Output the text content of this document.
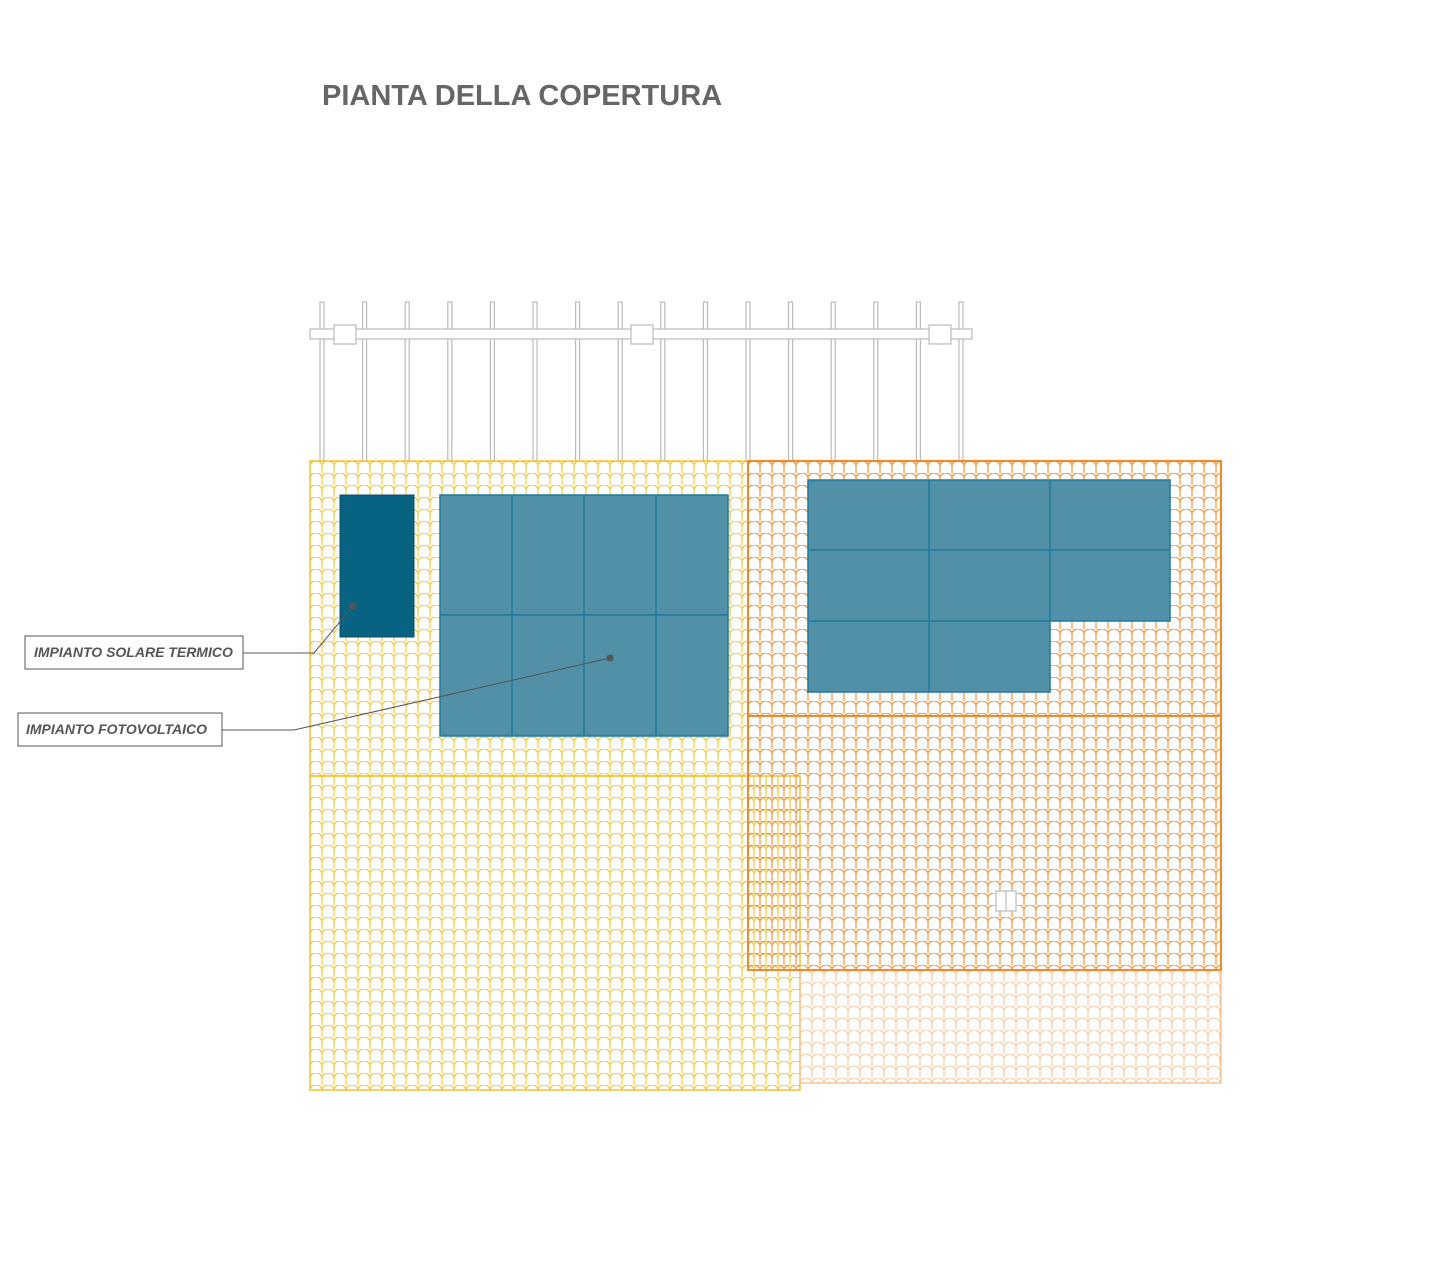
PIANTA DELLA COPERTURA
IMPIANTO SOLARE TERMICO
IMPIANTO FOTOVOLTAICO
